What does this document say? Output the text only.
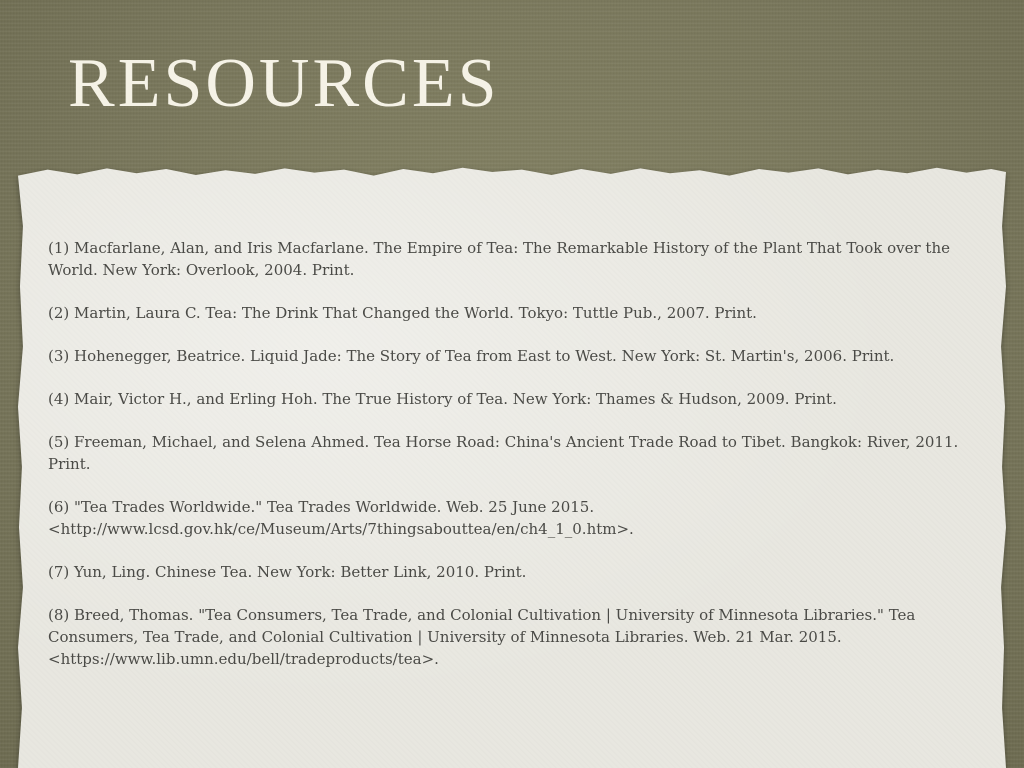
RESOURCES
(1) Macfarlane, Alan, and Iris Macfarlane. The Empire of Tea: The Remarkable History of the Plant That Took over the World. New York: Overlook, 2004. Print.
(2) Martin, Laura C. Tea: The Drink That Changed the World. Tokyo: Tuttle Pub., 2007. Print.
(3) Hohenegger, Beatrice. Liquid Jade: The Story of Tea from East to West. New York: St. Martin's, 2006. Print.
(4) Mair, Victor H., and Erling Hoh. The True History of Tea. New York: Thames & Hudson, 2009. Print.
(5) Freeman, Michael, and Selena Ahmed. Tea Horse Road: China's Ancient Trade Road to Tibet. Bangkok: River, 2011. Print.
(6) "Tea Trades Worldwide." Tea Trades Worldwide. Web. 25 June 2015. <http://www.lcsd.gov.hk/ce/Museum/Arts/7thingsabouttea/en/ch4_1_0.htm>.
(7) Yun, Ling. Chinese Tea. New York: Better Link, 2010. Print.
(8) Breed, Thomas. "Tea Consumers, Tea Trade, and Colonial Cultivation | University of Minnesota Libraries." Tea Consumers, Tea Trade, and Colonial Cultivation | University of Minnesota Libraries. Web. 21 Mar. 2015. <https://www.lib.umn.edu/bell/tradeproducts/tea>.
